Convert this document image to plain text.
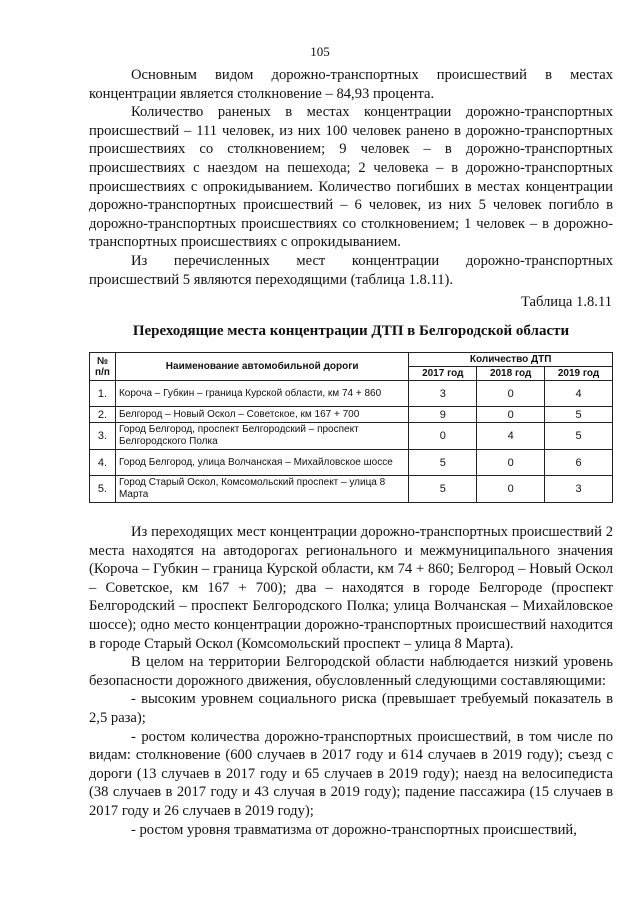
105

Основным видом дорожно-транспортных происшествий в местах концентрации является столкновение – 84,93 процента.

Количество раненых в местах концентрации дорожно-транспортных происшествий – 111 человек, из них 100 человек ранено в дорожно-транспортных происшествиях со столкновением; 9 человек – в дорожно-транспортных происшествиях с наездом на пешехода; 2 человека – в дорожно-транспортных происшествиях с опрокидыванием. Количество погибших в местах концентрации дорожно-транспортных происшествий – 6 человек, из них 5 человек погибло в дорожно-транспортных происшествиях со столкновением; 1 человек – в дорожно-транспортных происшествиях с опрокидыванием.

Из перечисленных мест концентрации дорожно-транспортных происшествий 5 являются переходящими (таблица 1.8.11).

Таблица 1.8.11
Переходящие места концентрации ДТП в Белгородской области
№ п/п	Наименование автомобильной дороги	Количество ДТП		
		2017 год	2018 год	2019 год
1.	Короча – Губкин – граница Курской области, км 74 + 860	3	0	4
2.	Белгород – Новый Оскол – Советское, км 167 + 700	9	0	5
3.	Город Белгород, проспект Белгородский – проспект Белгородского Полка	0	4	5
4.	Город Белгород, улица Волчанская – Михайловское шоссе	5	0	6
5.	Город Старый Оскол, Комсомольский проспект – улица 8 Марта	5	0	3

Из переходящих мест концентрации дорожно-транспортных происшествий 2 места находятся на автодорогах регионального и межмуниципального значения (Короча – Губкин – граница Курской области, км 74 + 860; Белгород – Новый Оскол – Советское, км 167 + 700); два – находятся в городе Белгороде (проспект Белгородский – проспект Белгородского Полка; улица Волчанская – Михайловское шоссе); одно место концентрации дорожно-транспортных происшествий находится в городе Старый Оскол (Комсомольский проспект – улица 8 Марта).

В целом на территории Белгородской области наблюдается низкий уровень безопасности дорожного движения, обусловленный следующими составляющими:

- высоким уровнем социального риска (превышает требуемый показатель в 2,5 раза);

- ростом количества дорожно-транспортных происшествий, в том числе по видам: столкновение (600 случаев в 2017 году и 614 случаев в 2019 году); съезд с дороги (13 случаев в 2017 году и 65 случаев в 2019 году); наезд на велосипедиста (38 случаев в 2017 году и 43 случая в 2019 году); падение пассажира (15 случаев в 2017 году и 26 случаев в 2019 году);

- ростом уровня травматизма от дорожно-транспортных происшествий,
